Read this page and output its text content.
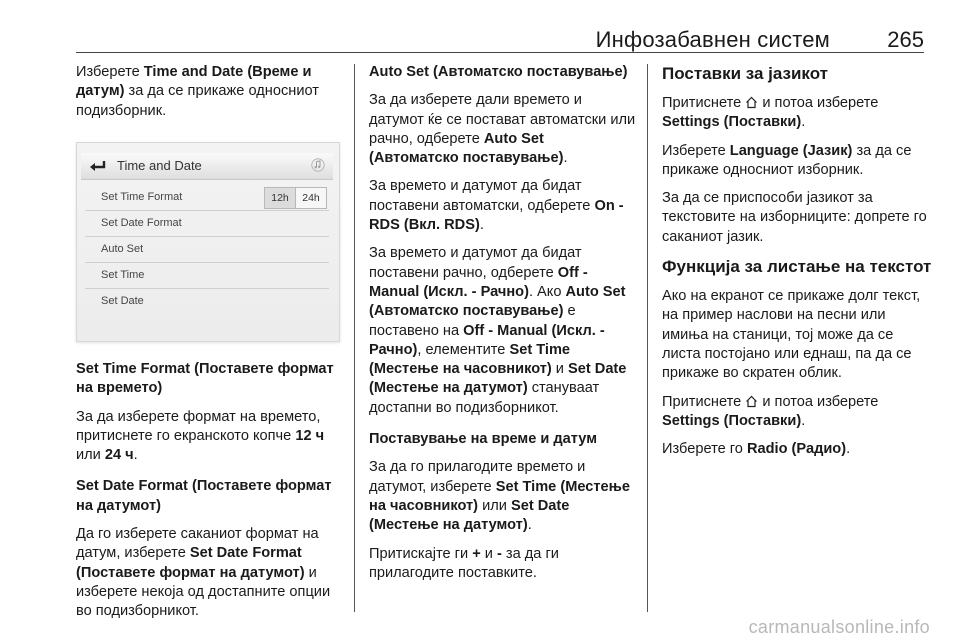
Инфозабавнен систем	265

Изберете Time and Date (Време и датум) за да се прикаже односниот подизборник.

Time and Date
Set Time Format	12h	24h
Set Date Format
Auto Set
Set Time
Set Date

Set Time Format (Поставете формат на времето)

За да изберете формат на времето, притиснете го екранското копче 12 ч или 24 ч.

Set Date Format (Поставете формат на датумот)

Да го изберете саканиот формат на датум, изберете Set Date Format (Поставете формат на датумот) и изберете некоја од достапните опции во подизборникот.

Auto Set (Автоматско поставување)

За да изберете дали времето и датумот ќе се постават автоматски или рачно, одберете Auto Set (Автоматско поставување).

За времето и датумот да бидат поставени автоматски, одберете On - RDS (Вкл. RDS).

За времето и датумот да бидат поставени рачно, одберете Off - Manual (Искл. - Рачно). Ако Auto Set (Автоматско поставување) е поставено на Off - Manual (Искл. - Рачно), елементите Set Time (Местење на часовникот) и Set Date (Местење на датумот) стануваат достапни во подизборникот.

Поставување на време и датум

За да го прилагодите времето и датумот, изберете Set Time (Местење на часовникот) или Set Date (Местење на датумот).

Притискајте ги + и - за да ги прилагодите поставките.

Поставки за јазикот

Притиснете  и потоа изберете Settings (Поставки).

Изберете Language (Јазик) за да се прикаже односниот изборник.

За да се приспособи јазикот за текстовите на изборниците: допрете го саканиот јазик.

Функција за листање на текстот

Ако на екранот се прикаже долг текст, на пример наслови на песни или имиња на станици, тој може да се листа постојано или еднаш, па да се прикаже во скратен облик.

Притиснете  и потоа изберете Settings (Поставки).

Изберете го Radio (Радио).

carmanualsonline.info
